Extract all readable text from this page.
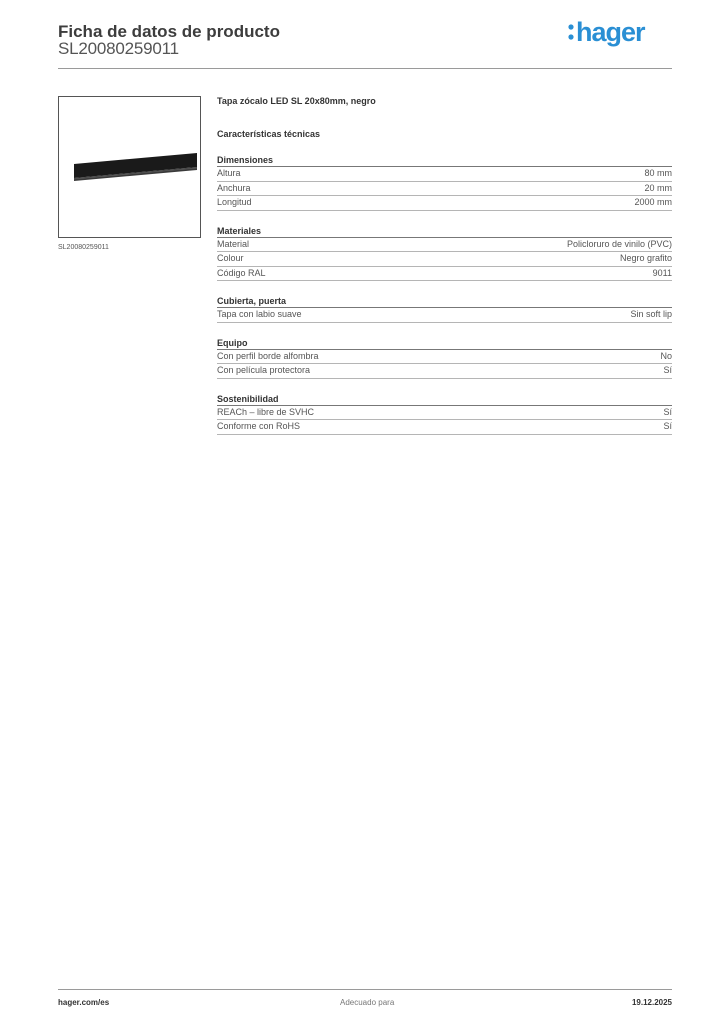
Ficha de datos de producto
SL20080259011
hager
SL20080259011
Tapa zócalo LED SL 20x80mm, negro
Características técnicas
Dimensiones
Altura	80 mm
Anchura	20 mm
Longitud	2000 mm
Materiales
Material	Policloruro de vinilo (PVC)
Colour	Negro grafito
Código RAL	9011
Cubierta, puerta
Tapa con labio suave	Sin soft lip
Equipo
Con perfil borde alfombra	No
Con película protectora	Sí
Sostenibilidad
REACh – libre de SVHC	Sí
Conforme con RoHS	Sí
hager.com/es	Adecuado para	19.12.2025
